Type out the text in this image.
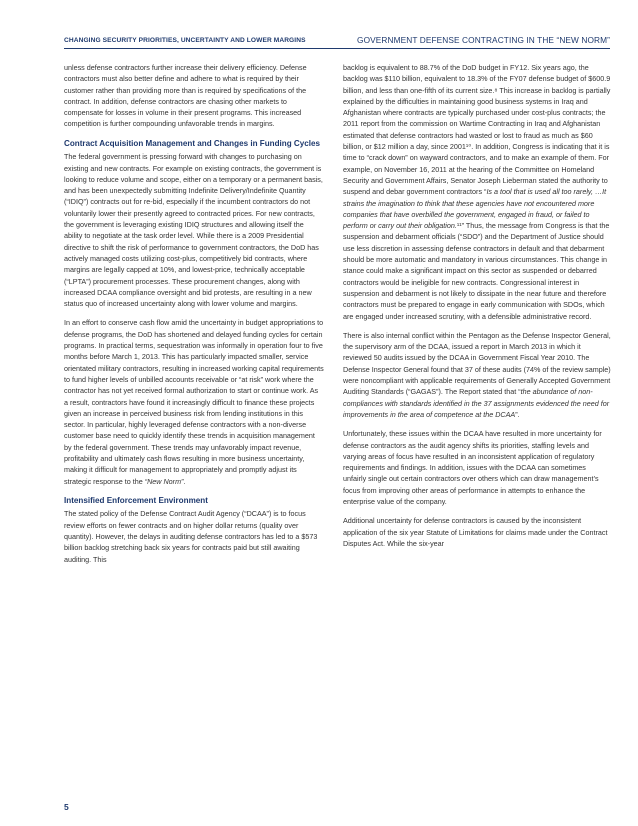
CHANGING SECURITY PRIORITIES, UNCERTAINTY AND LOWER MARGINS	GOVERNMENT DEFENSE CONTRACTING IN THE “NEW NORM”

unless defense contractors further increase their delivery efficiency. Defense contractors must also better define and adhere to what is required by their customer rather than providing more than is required by specifications of the contract. In addition, defense contractors are chasing other markets to compensate for losses in volume in their present programs. This increased competition is further compounding unfavorable trends in margins.

Contract Acquisition Management and Changes in Funding Cycles

The federal government is pressing forward with changes to purchasing on existing and new contracts. For example on existing contracts, the government is looking to reduce volume and scope, either on a temporary or a permanent basis, and has been unexpectedly submitting Indefinite Delivery/Indefinite Quantity (“IDIQ”) contracts out for re-bid, especially if the incumbent contractors do not voluntarily lower their presently agreed to contracted prices. For new contracts, the government is leveraging existing IDIQ structures and allowing itself the ability to negotiate at the task order level. While there is a 2009 Presidential directive to shift the risk of performance to government contractors, the DoD has actively managed costs utilizing cost-plus, competitively bid contracts, where margins are legally capped at 10%, and lowest-price, technically acceptable (“LPTA”) procurement processes. These procurement changes, along with increased DCAA compliance oversight and bid protests, are resulting in a new status quo of increased uncertainty along with lower volume and margins.

In an effort to conserve cash flow amid the uncertainty in budget appropriations to defense programs, the DoD has shortened and delayed funding cycles for certain programs. In practical terms, sequestration was informally in operation four to five months before March 1, 2013. This has particularly impacted smaller, service orientated military contractors, resulting in increased working capital requirements to fund higher levels of unbilled accounts receivable or “at risk” work where the contractor has not yet received formal authorization to start or continue work. As a result, contractors have found it increasingly difficult to finance these projects given an increase in perceived business risk from lending institutions in this sector. In particular, highly leveraged defense contractors with a non-diverse customer base need to quickly identify these trends in acquisition management by the federal government. These trends may unfavorably impact revenue, profitability and ultimately cash flows resulting in more business uncertainty, making it difficult for management to appropriately and promptly adjust its strategic response to the “New Norm”.

Intensified Enforcement Environment

The stated policy of the Defense Contract Audit Agency (“DCAA”) is to focus review efforts on fewer contracts and on higher dollar returns (quality over quantity). However, the delays in auditing defense contractors has led to a $573 billion backlog stretching back six years for contracts paid but still awaiting auditing. This

backlog is equivalent to 88.7% of the DoD budget in FY12. Six years ago, the backlog was $110 billion, equivalent to 18.3% of the FY07 defense budget of $600.9 billion, and less than one-fifth of its current size.⁸ This increase in backlog is partially explained by the difficulties in maintaining good business systems in Iraq and Afghanistan where contracts are typically purchased under cost-plus contracts; the 2011 report from the commission on Wartime Contracting in Iraq and Afghanistan estimated that defense contractors had wasted or lost to fraud as much as $60 billion, or $12 million a day, since 2001¹⁰. In addition, Congress is indicating that it is time to “crack down” on wayward contractors, and to make an example of them. For example, on November 16, 2011 at the hearing of the Committee on Homeland Security and Government Affairs, Senator Joseph Lieberman stated the authority to suspend and debar government contractors “Is a tool that is used all too rarely, …It strains the imagination to think that these agencies have not encountered more companies that have overbilled the government, engaged in fraud, or failed to perform or carry out their obligation.¹¹” Thus, the message from Congress is that the suspension and debarment officials (“SDO”) and the Department of Justice should use less discretion in assessing defense contractors in default and that debarment should be more automatic and mandatory in various circumstances. This change in stance could make a significant impact on this sector as suspended or debarred contractors would be ineligible for new contracts. Congressional interest in suspension and debarment is not likely to dissipate in the near future and therefore contractors must be prepared to engage in early communication with SDOs, which are engaged under increased scrutiny, with a defensible administrative record.

There is also internal conflict within the Pentagon as the Defense Inspector General, the supervisory arm of the DCAA, issued a report in March 2013 in which it reviewed 50 audits issued by the DCAA in Government Fiscal Year 2010. The Defense Inspector General found that 37 of these audits (74% of the review sample) were noncompliant with applicable requirements of Generally Accepted Government Auditing Standards (“GAGAS”). The Report stated that “the abundance of non-compliances with standards identified in the 37 assignments evidenced the need for improvements in the area of competence at the DCAA”.

Unfortunately, these issues within the DCAA have resulted in more uncertainty for defense contractors as the audit agency shifts its priorities, staffing levels and varying areas of focus have resulted in an inconsistent application of regulatory requirements and findings. In addition, issues with the DCAA can sometimes unfairly single out certain contractors over others which can draw management’s focus from improving other areas of performance in attempts to enhance the enterprise value of the company.

Additional uncertainty for defense contractors is caused by the inconsistent application of the six year Statute of Limitations for claims made under the Contract Disputes Act. While the six-year

5
